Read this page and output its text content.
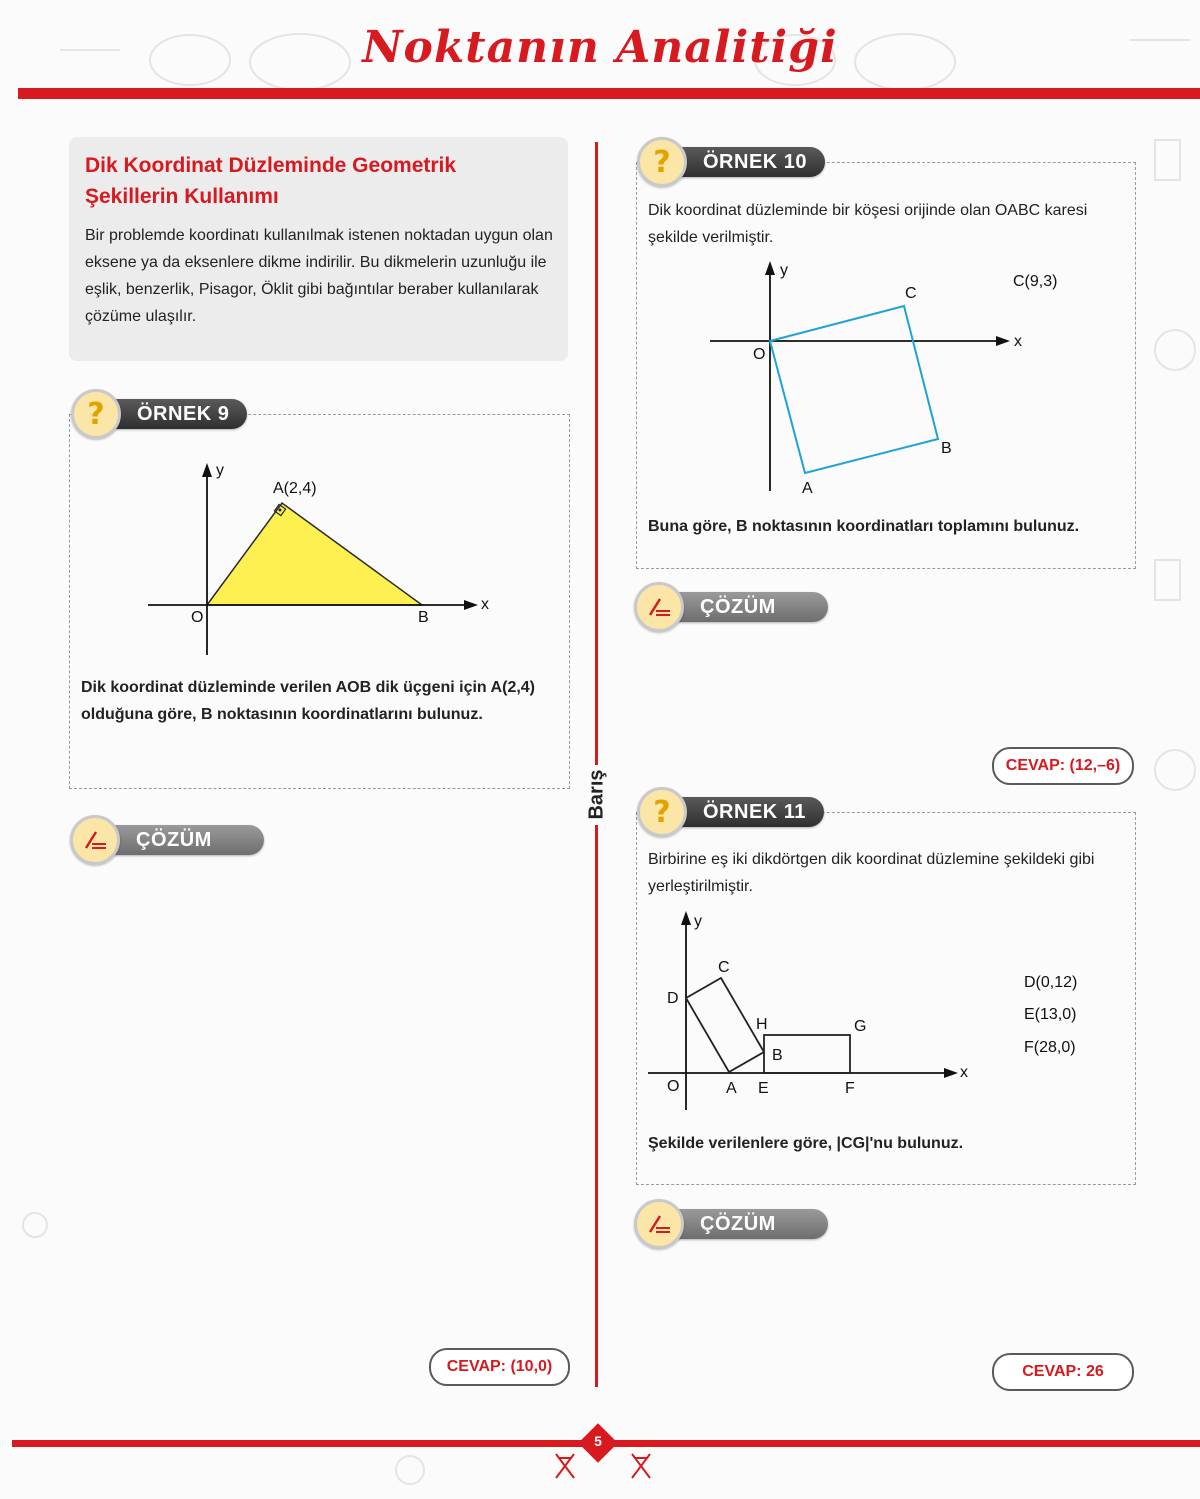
Noktanın Analitiği
Dik Koordinat Düzleminde Geometrik Şekillerin Kullanımı
Bir problemde koordinatı kullanılmak istenen noktadan uygun olan eksene ya da eksenlere dikme indirilir. Bu dikmelerin uzunluğu ile eşlik, benzerlik, Pisagor, Öklit gibi bağıntılar beraber kullanılarak çözüme ulaşılır.
Barış
?	ÖRNEK 9
A(2,4)
O	B
x
y
Dik koordinat düzleminde verilen AOB dik üçgeni için A(2,4) olduğuna göre, B noktasının koordinatlarını bulunuz.
ÇÖZÜM
CEVAP: (10,0)
?	ÖRNEK 10
Dik koordinat düzleminde bir köşesi orijinde olan OABC karesi şekilde verilmiştir.
O
C
B
A
x
y
C(9,3)
Buna göre, B noktasının koordinatları toplamını bulunuz.
ÇÖZÜM
CEVAP: (12,–6)
?	ÖRNEK 11
Birbirine eş iki dikdörtgen dik koordinat düzlemine şekildeki gibi yerleştirilmiştir.
O	A E	F
B
C
D
H	G
x
y
D(0,12)
E(13,0)
F(28,0)
Şekilde verilenlere göre, |CG|'nu bulunuz.
ÇÖZÜM
CEVAP: 26
5
